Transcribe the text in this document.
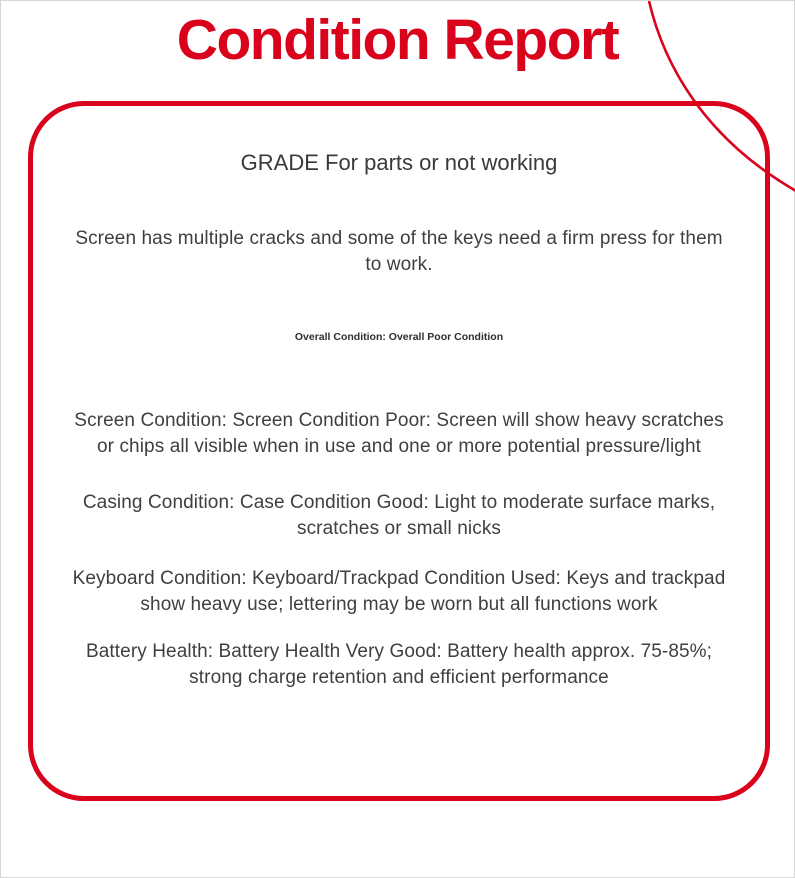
Condition Report
GRADE For parts or not working
Screen has multiple cracks and some of the keys need a firm press for them
to work.
Overall Condition: Overall Poor Condition
Screen Condition: Screen Condition Poor: Screen will show heavy scratches
or chips all visible when in use and one or more potential pressure/light
Casing Condition: Case Condition Good: Light to moderate surface marks,
scratches or small nicks
Keyboard Condition: Keyboard/Trackpad Condition Used: Keys and trackpad
show heavy use; lettering may be worn but all functions work
Battery Health: Battery Health Very Good: Battery health approx. 75-85%;
strong charge retention and efficient performance
